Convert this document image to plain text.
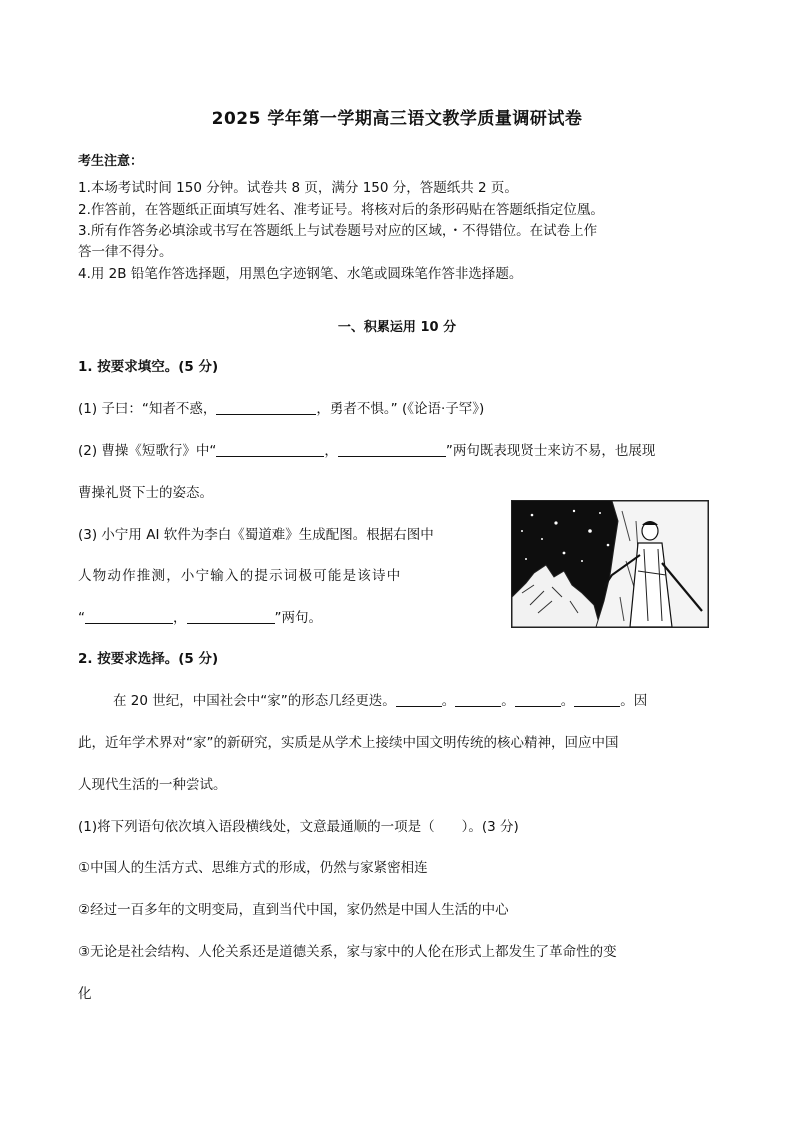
2025 学年第一学期高三语文教学质量调研试卷
考生注意：
1.本场考试时间 150 分钟。试卷共 8 页，满分 150 分，答题纸共 2 页。
2.作答前，在答题纸正面填写姓名、准考证号。将核对后的条形码贴在答题纸指定位凰。
3.所有作答务必填涂或书写在答题纸上与试卷题号对应的区域，・不得错位。在试卷上作
答一律不得分。
4.用 2B 铅笔作答选择题，用黑色字迹钢笔、水笔或圆珠笔作答非选择题。
一、积累运用 10 分
1. 按要求填空。(5 分)
(1) 子曰：“知者不惑，	，勇者不惧。” (《论语·子罕》)
(2) 曹操《短歌行》中“	，	”两句既表现贤士来访不易，也展现
曹操礼贤下士的姿态。
(3) 小宁用 AI 软件为李白《蜀道难》生成配图。根据右图中
人物动作推测，小宁输入的提示词极可能是该诗中
“	，	”两句。
2. 按要求选择。(5 分)
在 20 世纪，中国社会中“家”的形态几经更迭。	。	。	。	。因
此，近年学术界对“家”的新研究，实质是从学术上接续中国文明传统的核心精神，回应中国
人现代生活的一种尝试。
(1)将下列语句依次填入语段横线处，文意最通顺的一项是（　　）。(3 分)
①中国人的生活方式、思维方式的形成，仍然与家紧密相连
②经过一百多年的文明变局，直到当代中国，家仍然是中国人生活的中心
③无论是社会结构、人伦关系还是道德关系，家与家中的人伦在形式上都发生了革命性的变
化
